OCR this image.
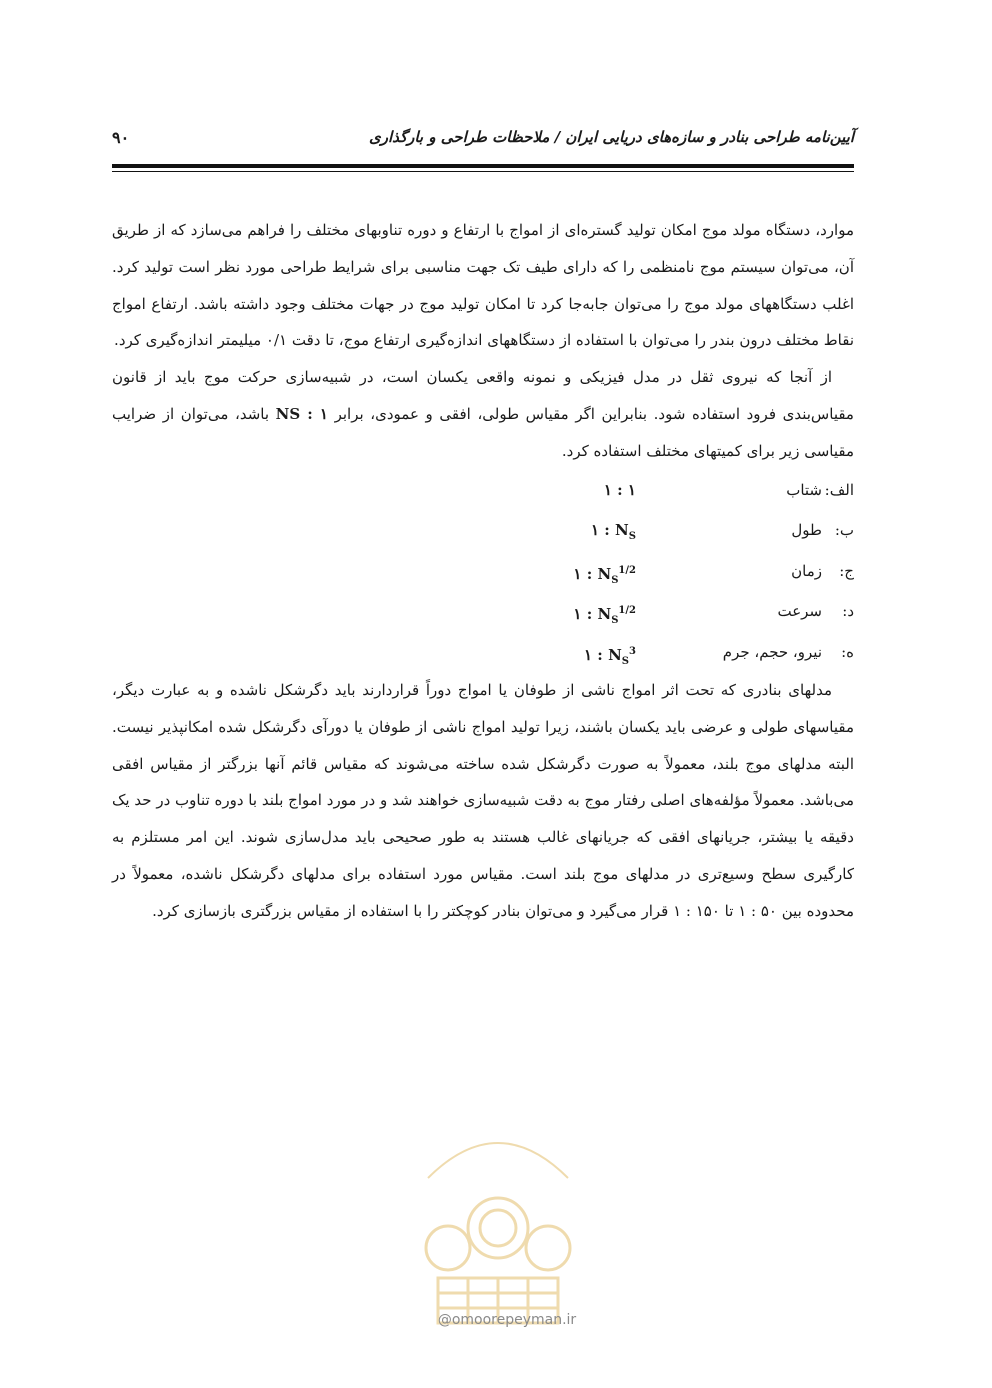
آیین‌نامه طراحی بنادر و سازه‌های دریایی ایران / ملاحظات طراحی و بارگذاری
۹۰

موارد، دستگاه مولد موج امکان تولید گستره‌ای از امواج با ارتفاع و دوره تناوبهای مختلف را فراهم می‌سازد که از طریق آن، می‌توان سیستم موج نامنظمی را که دارای طیف تک جهت مناسبی برای شرایط طراحی مورد نظر است تولید کرد. اغلب دستگاههای مولد موج را می‌توان جابه‌جا کرد تا امکان تولید موج در جهات مختلف وجود داشته باشد. ارتفاع امواج نقاط مختلف درون بندر را می‌توان با استفاده از دستگاههای اندازه‌گیری ارتفاع موج، تا دقت ۰/۱ میلیمتر اندازه‌گیری کرد.

از آنجا که نیروی ثقل در مدل فیزیکی و نمونه واقعی یکسان است، در شبیه‌سازی حرکت موج باید از قانون مقیاس‌بندی فرود استفاده شود. بنابراین اگر مقیاس طولی، افقی و عمودی، برابر NS : ۱ باشد، می‌توان از ضرایب مقیاسی زیر برای کمیتهای مختلف استفاده کرد.

الف:
شتاب
۱ : ۱
ب:
طول
۱ : $N_S$
ج:
زمان
۱ : $N_S^{1/2}$
د:
سرعت
۱ : $N_S^{1/2}$
ه:
نیرو، حجم، جرم
۱ : $N_S^3$

مدلهای بنادری که تحت اثر امواج ناشی از طوفان یا امواج دوراً قراردارند باید دگرشکل ناشده و به عبارت دیگر، مقیاسهای طولی و عرضی باید یکسان باشند، زیرا تولید امواج ناشی از طوفان یا دورآی دگرشکل شده امکانپذیر نیست. البته مدلهای موج بلند، معمولاً به صورت دگرشکل شده ساخته می‌شوند که مقیاس قائم آنها بزرگتر از مقیاس افقی می‌باشد. معمولاً مؤلفه‌های اصلی رفتار موج به دقت شبیه‌سازی خواهند شد و در مورد امواج بلند با دوره تناوب در حد یک دقیقه یا بیشتر، جریانهای افقی که جریانهای غالب هستند به طور صحیحی باید مدل‌سازی شوند. این امر مستلزم به کارگیری سطح وسیع‌تری در مدلهای موج بلند است. مقیاس مورد استفاده برای مدلهای دگرشکل ناشده، معمولاً در محدوده بین ۵۰ : ۱ تا ۱۵۰ : ۱ قرار می‌گیرد و می‌توان بنادر کوچکتر را با استفاده از مقیاس بزرگتری بازسازی کرد.

@omoorepeyman.ir
